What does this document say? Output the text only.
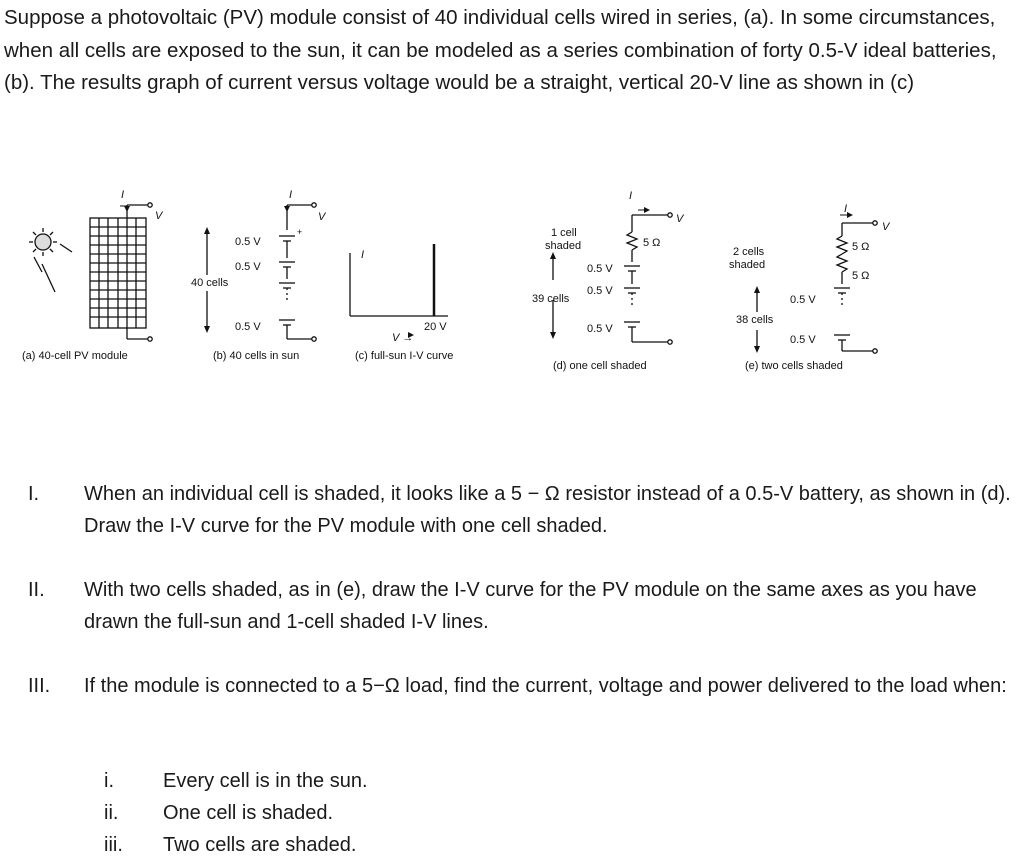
Suppose a photovoltaic (PV) module consist of 40 individual cells wired in series, (a). In some circumstances, when all cells are exposed to the sun, it can be modeled as a series combination of forty 0.5-V ideal batteries, (b). The results graph of current versus voltage would be a straight, vertical 20-V line as shown in (c)

I
V
(a) 40-cell PV module
I
V
0.5 V
0.5 V
40 cells
0.5 V
+
(b) 40 cells in sun
I
20 V
V →
(c) full-sun I-V curve
I
V
1 cell
shaded	5 Ω
0.5 V
0.5 V
39 cells
0.5 V
(d) one cell shaded
I
V
2 cells
shaded
5 Ω
5 Ω
0.5 V
38 cells
0.5 V
(e) two cells shaded
I. When an individual cell is shaded, it looks like a 5 − Ω resistor instead of a 0.5-V battery, as shown in (d). Draw the I-V curve for the PV module with one cell shaded.

II. With two cells shaded, as in (e), draw the I-V curve for the PV module on the same axes as you have drawn the full-sun and 1-cell shaded I-V lines.

III. If the module is connected to a 5−Ω load, find the current, voltage and power delivered to the load when:

i.	Every cell is in the sun.
ii.	One cell is shaded.
iii. Two cells are shaded.
